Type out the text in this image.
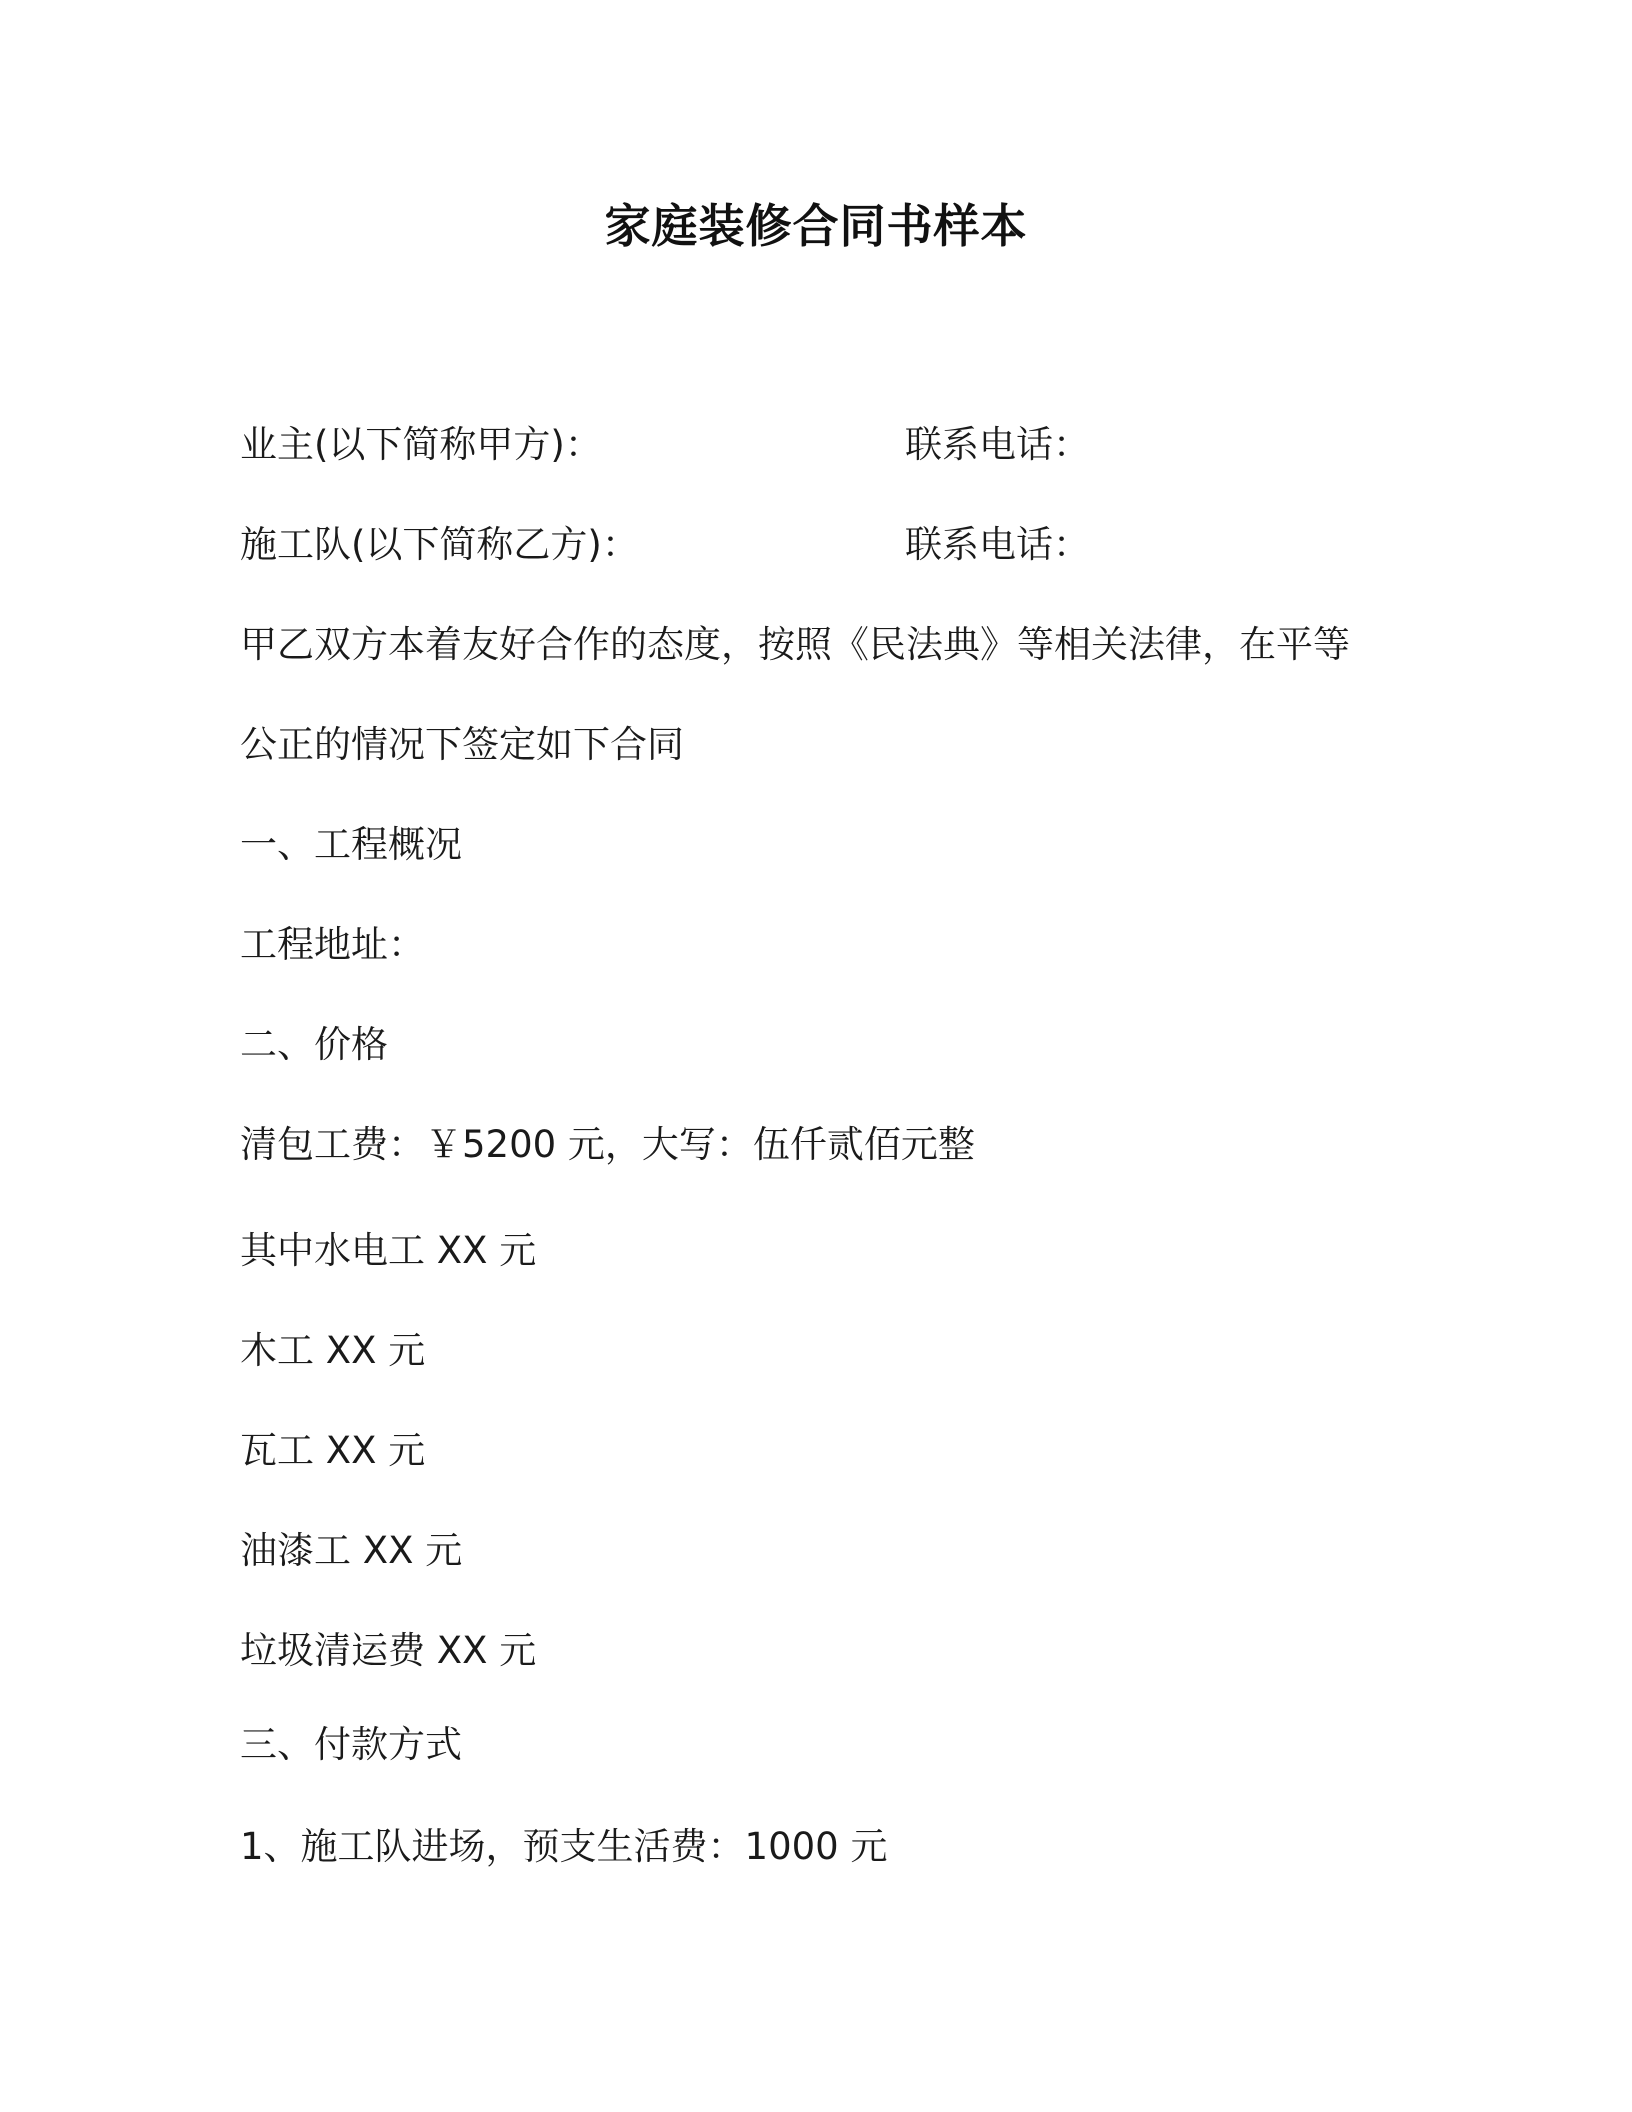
家庭装修合同书样本
业主(以下简称甲方)：	联系电话：
施工队(以下简称乙方)：	联系电话：
甲乙双方本着友好合作的态度，按照《民法典》等相关法律，在平等
公正的情况下签定如下合同
一、工程概况
工程地址：
二、价格
清包工费：￥5200 元，大写：伍仟贰佰元整
其中水电工 XX 元
木工 XX 元
瓦工 XX 元
油漆工 XX 元
垃圾清运费 XX 元
三、付款方式
1、施工队进场，预支生活费：1000 元
